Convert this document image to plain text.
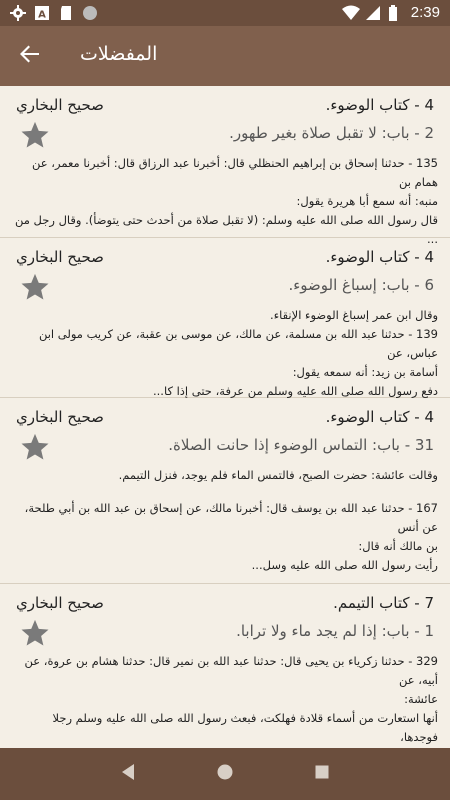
A	2:39
المفضلات
صحيح البخاري	4 - كتاب الوضوء.
2 - باب: لا تقبل صلاة بغير طهور.

135 - حدثنا إسحاق بن إبراهيم الحنظلي قال: أخبرنا عبد الرزاق قال: أخبرنا معمر، عن همام بن

منبه: أنه سمع أبا هريرة يقول:

قال رسول الله صلى الله عليه وسلم: (لا تقبل صلاة من أحدث حتى يتوضأ). وقال رجل من ...

صحيح البخاري	4 - كتاب الوضوء.
6 - باب: إسباغ الوضوء.

وقال ابن عمر إسباغ الوضوء الإنقاء.

139 - حدثنا عبد الله بن مسلمة، عن مالك، عن موسى بن عقبة، عن كريب مولى ابن عباس، عن

أسامة بن زيد: أنه سمعه يقول:

دفع رسول الله صلى الله عليه وسلم من عرفة، حتى إذا كا...

صحيح البخاري	4 - كتاب الوضوء.
31 - باب: التماس الوضوء إذا حانت الصلاة.

وقالت عائشة: حضرت الصبح، فالتمس الماء فلم يوجد، فنزل التيمم.

167 - حدثنا عبد الله بن يوسف قال: أخبرنا مالك، عن إسحاق بن عبد الله بن أبي طلحة، عن أنس

بن مالك أنه قال:

رأيت رسول الله صلى الله عليه وسل...

صحيح البخاري	7 - كتاب التيمم.
1 - باب: إذا لم يجد ماء ولا ترابا.

329 - حدثنا زكرياء بن يحيى قال: حدثنا عبد الله بن نمير قال: حدثنا هشام بن عروة، عن أبيه، عن

عائشة:

أنها استعارت من أسماء قلادة فهلكت، فبعث رسول الله صلى الله عليه وسلم رجلا فوجدها،
